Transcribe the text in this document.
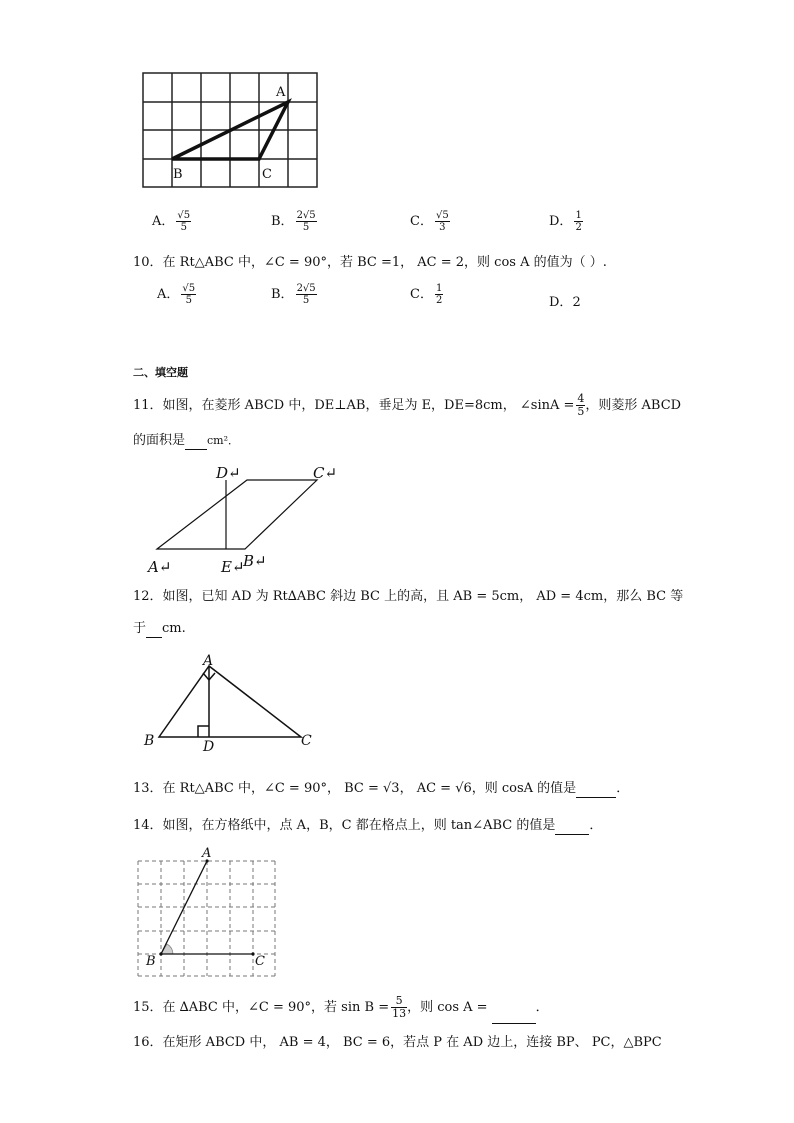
A
B	C
A． $\frac{√5}{5}$	B． $\frac{2√5}{5}$	C． $\frac{√5}{3}$	D． $\frac{1}{2}$
10．在 Rt△ABC 中，∠C = 90°，若 BC =1， AC = 2，则 cos A 的值为（ ）.
A． $\frac{√5}{5}$	B． $\frac{2√5}{5}$	C． $\frac{1}{2}$	D．2
二、填空题
11．如图，在菱形 ABCD 中，DE⊥AB，垂足为 E，DE=8cm， ∠sinA = $\frac{4}{5}$ ，则菱形 ABCD
的面积是 cm²．
D↵	C↵
A↵	E↵
B↵
12．如图，已知 AD 为 Rt∆ABC 斜边 BC 上的高，且 AB = 5cm， AD = 4cm，那么 BC 等
于 cm.
A
B	D	C
13．在 Rt△ABC 中，∠C = 90°， BC = √3， AC = √6，则 cosA 的值是	．
14．如图，在方格纸中，点 A，B，C 都在格点上，则 tan∠ABC 的值是	．
A
B	C
15．在 ∆ABC 中，∠C = 90°，若 $\sin B = \frac{5}{13}$ ，则 cos A =	．
16．在矩形 ABCD 中， AB = 4， BC = 6，若点 P 在 AD 边上，连接 BP、 PC，△BPC
